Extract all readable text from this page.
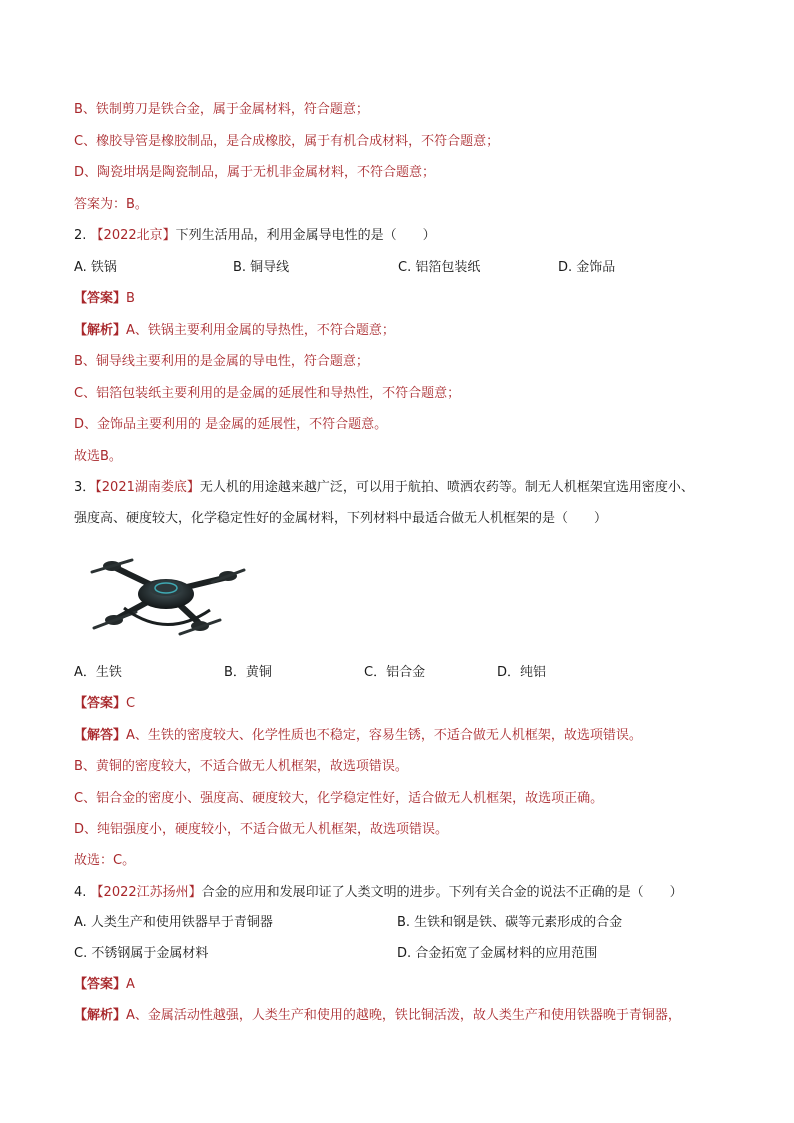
B、铁制剪刀是铁合金，属于金属材料，符合题意；
C、橡胶导管是橡胶制品，是合成橡胶，属于有机合成材料，不符合题意；
D、陶瓷坩埚是陶瓷制品，属于无机非金属材料，不符合题意；
答案为：B。
2. 【2022北京】下列生活用品，利用金属导电性的是（　　）
A. 铁锅	B. 铜导线	C. 铝箔包装纸	D. 金饰品
【答案】B
【解析】A、铁锅主要利用金属的导热性，不符合题意；
B、铜导线主要利用的是金属的导电性，符合题意；
C、铝箔包装纸主要利用的是金属的延展性和导热性，不符合题意；
D、金饰品主要利用的 是金属的延展性，不符合题意。
故选B。
3．【2021湖南娄底】无人机的用途越来越广泛，可以用于航拍、喷洒农药等。制无人机框架宜选用密度小、
强度高、硬度较大，化学稳定性好的金属材料，下列材料中最适合做无人机框架的是（　　）
A．生铁	B．黄铜	C．铝合金	D．纯铝
【答案】C
【解答】A、生铁的密度较大、化学性质也不稳定，容易生锈，不适合做无人机框架，故选项错误。
B、黄铜的密度较大，不适合做无人机框架，故选项错误。
C、铝合金的密度小、强度高、硬度较大，化学稳定性好，适合做无人机框架，故选项正确。
D、纯铝强度小，硬度较小，不适合做无人机框架，故选项错误。
故选：C。
4. 【2022江苏扬州】合金的应用和发展印证了人类文明的进步。下列有关合金的说法不正确的是（　　）
A. 人类生产和使用铁器早于青铜器	B. 生铁和钢是铁、碳等元素形成的合金
C. 不锈钢属于金属材料	D. 合金拓宽了金属材料的应用范围
【答案】A
【解析】A、金属活动性越强，人类生产和使用的越晚，铁比铜活泼，故人类生产和使用铁器晚于青铜器，
